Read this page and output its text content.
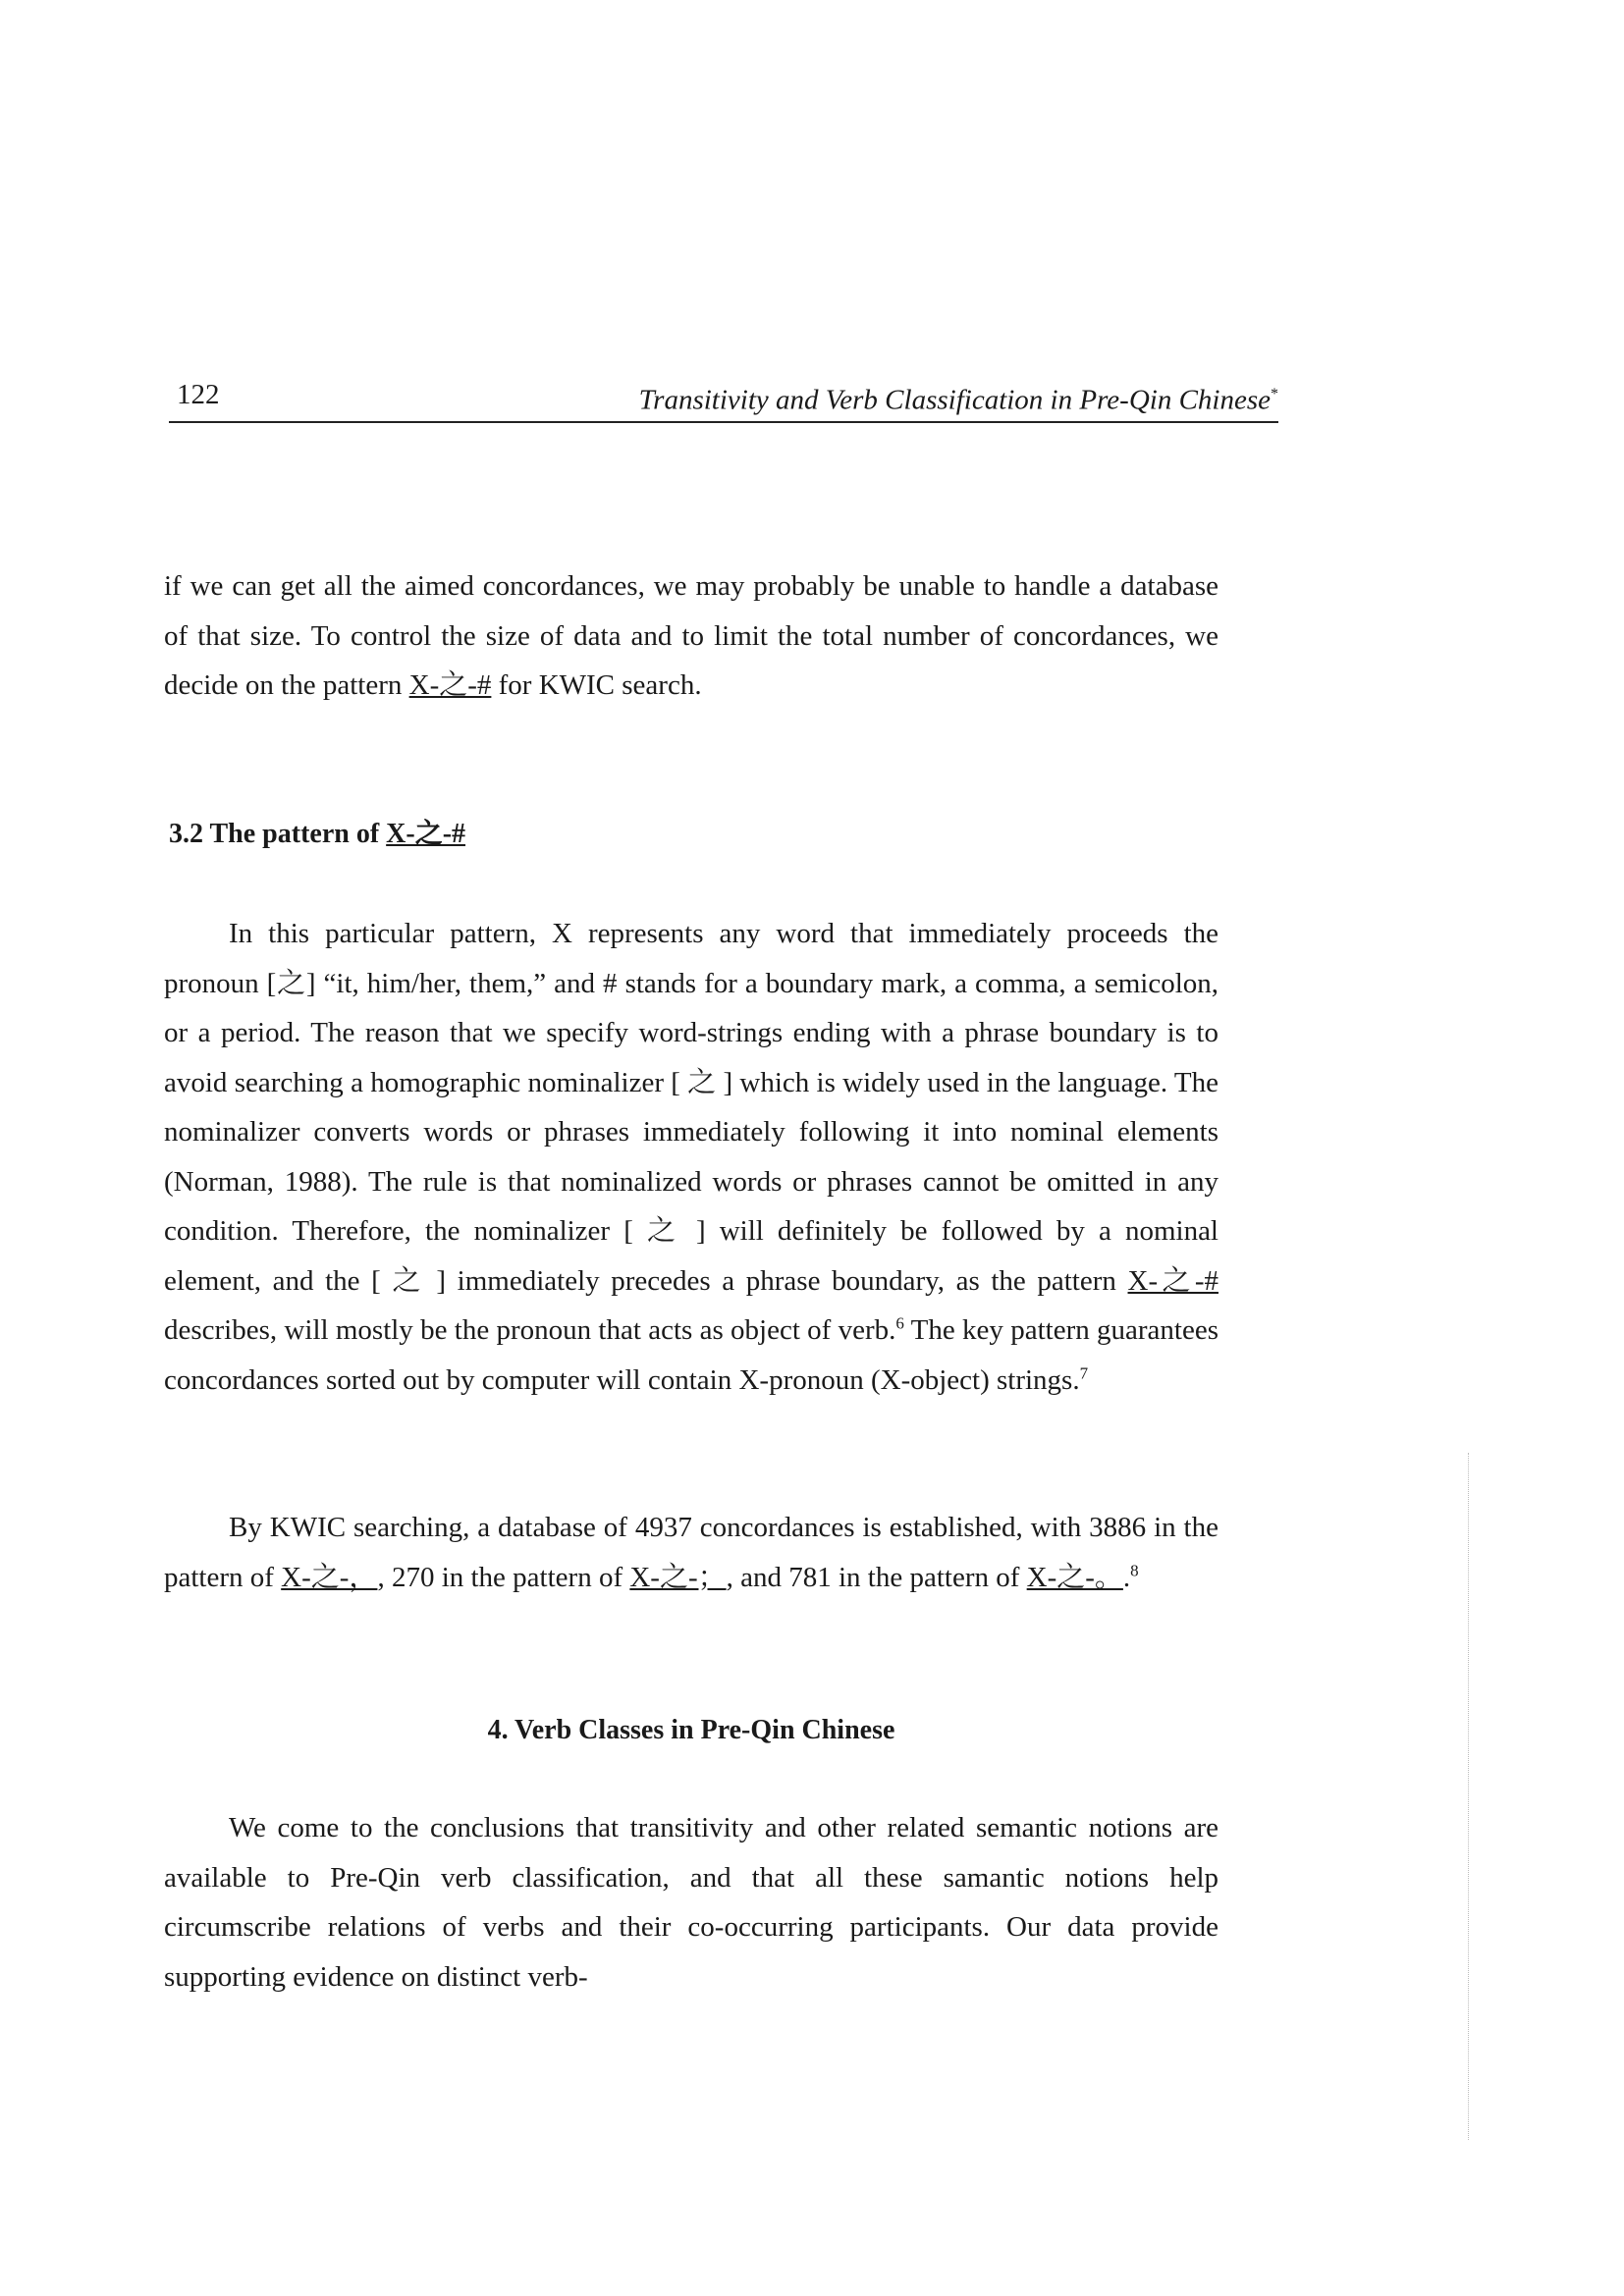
122	Transitivity and Verb Classification in Pre-Qin Chinese*

if we can get all the aimed concordances, we may probably be unable to handle a database of that size. To control the size of data and to limit the total number of concordances, we decide on the pattern X-之-# for KWIC search.

3.2 The pattern of X-之-#

In this particular pattern, X represents any word that immediately proceeds the pronoun [之] “it, him/her, them,” and # stands for a boundary mark, a comma, a semicolon, or a period. The reason that we specify word-strings ending with a phrase boundary is to avoid searching a homographic nominalizer [ 之 ] which is widely used in the language. The nominalizer converts words or phrases immediately following it into nominal elements (Norman, 1988). The rule is that nominalized words or phrases cannot be omitted in any condition. Therefore, the nominalizer [ 之 ] will definitely be followed by a nominal element, and the [ 之 ] immediately precedes a phrase boundary, as the pattern X-之-# describes, will mostly be the pronoun that acts as object of verb.$^6$ The key pattern guarantees concordances sorted out by computer will contain X-pronoun (X-object) strings.$^7$

By KWIC searching, a database of 4937 concordances is established, with 3886 in the pattern of X-之-，, 270 in the pattern of X-之-；, and 781 in the pattern of X-之-。.$^8$

4. Verb Classes in Pre-Qin Chinese

We come to the conclusions that transitivity and other related semantic notions are available to Pre-Qin verb classification, and that all these samantic notions help circumscribe relations of verbs and their co-occurring participants. Our data provide supporting evidence on distinct verb-
